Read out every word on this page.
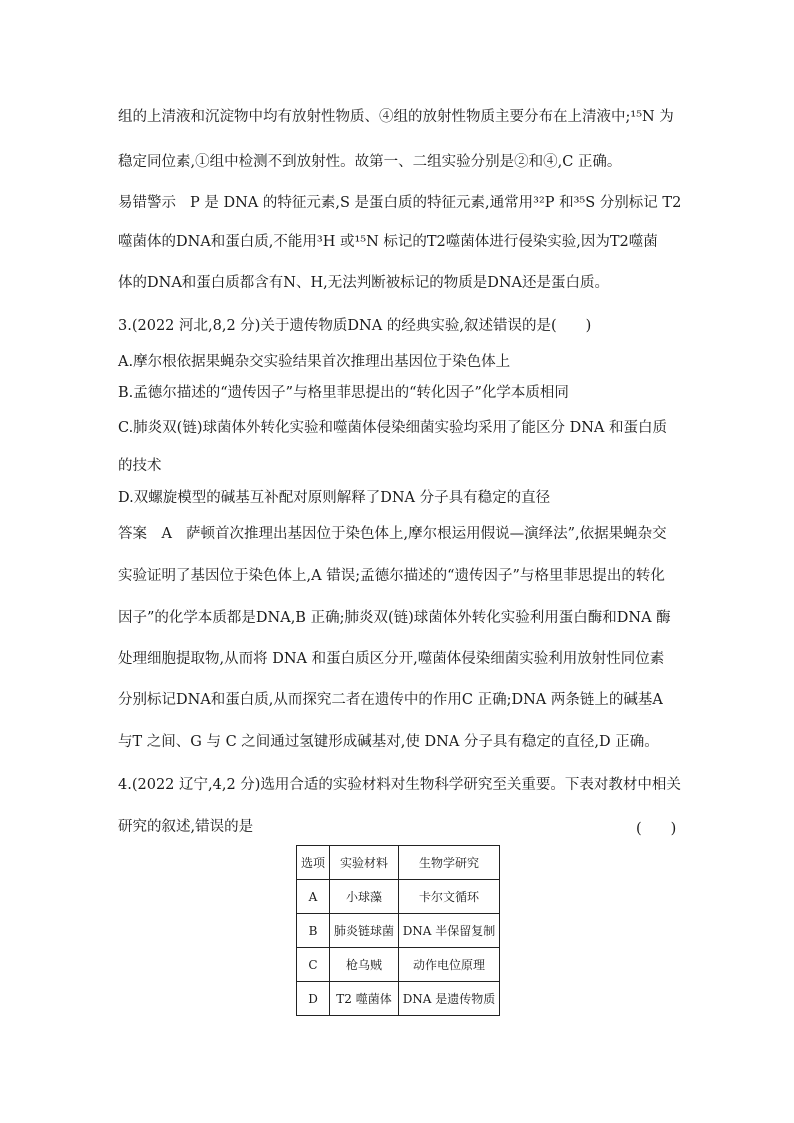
组的上清液和沉淀物中均有放射性物质、④组的放射性物质主要分布在上清液中;¹⁵N 为
稳定同位素,①组中检测不到放射性。故第一、二组实验分别是②和④,C 正确。
易错警示 P 是 DNA 的特征元素,S 是蛋白质的特征元素,通常用³²P 和³⁵S 分别标记 T2
噬菌体的DNA和蛋白质,不能用³H 或¹⁵N 标记的T2噬菌体进行侵染实验,因为T2噬菌
体的DNA和蛋白质都含有N、H,无法判断被标记的物质是DNA还是蛋白质。
3.(2022 河北,8,2 分)关于遗传物质DNA 的经典实验,叙述错误的是(　　)
A.摩尔根依据果蝇杂交实验结果首次推理出基因位于染色体上
B.孟德尔描述的“遗传因子”与格里菲思提出的“转化因子”化学本质相同
C.肺炎双(链)球菌体外转化实验和噬菌体侵染细菌实验均采用了能区分 DNA 和蛋白质
的技术
D.双螺旋模型的碱基互补配对原则解释了DNA 分子具有稳定的直径
答案　A 萨顿首次推理出基因位于染色体上,摩尔根运用假说—演绎法”,依据果蝇杂交
实验证明了基因位于染色体上,A 错误;孟德尔描述的“遗传因子”与格里菲思提出的转化
因子”的化学本质都是DNA,B 正确;肺炎双(链)球菌体外转化实验利用蛋白酶和DNA 酶
处理细胞提取物,从而将 DNA 和蛋白质区分开,噬菌体侵染细菌实验利用放射性同位素
分别标记DNA和蛋白质,从而探究二者在遗传中的作用C 正确;DNA 两条链上的碱基A
与T 之间、G 与 C 之间通过氢键形成碱基对,使 DNA 分子具有稳定的直径,D 正确。
4.(2022 辽宁,4,2 分)选用合适的实验材料对生物科学研究至关重要。下表对教材中相关
研究的叙述,错误的是	(　　)
选项	实验材料	生物学研究
A	小球藻	卡尔文循环
B	肺炎链球菌	DNA 半保留复制
C	枪乌贼	动作电位原理
D	T2 噬菌体	DNA 是遗传物质
